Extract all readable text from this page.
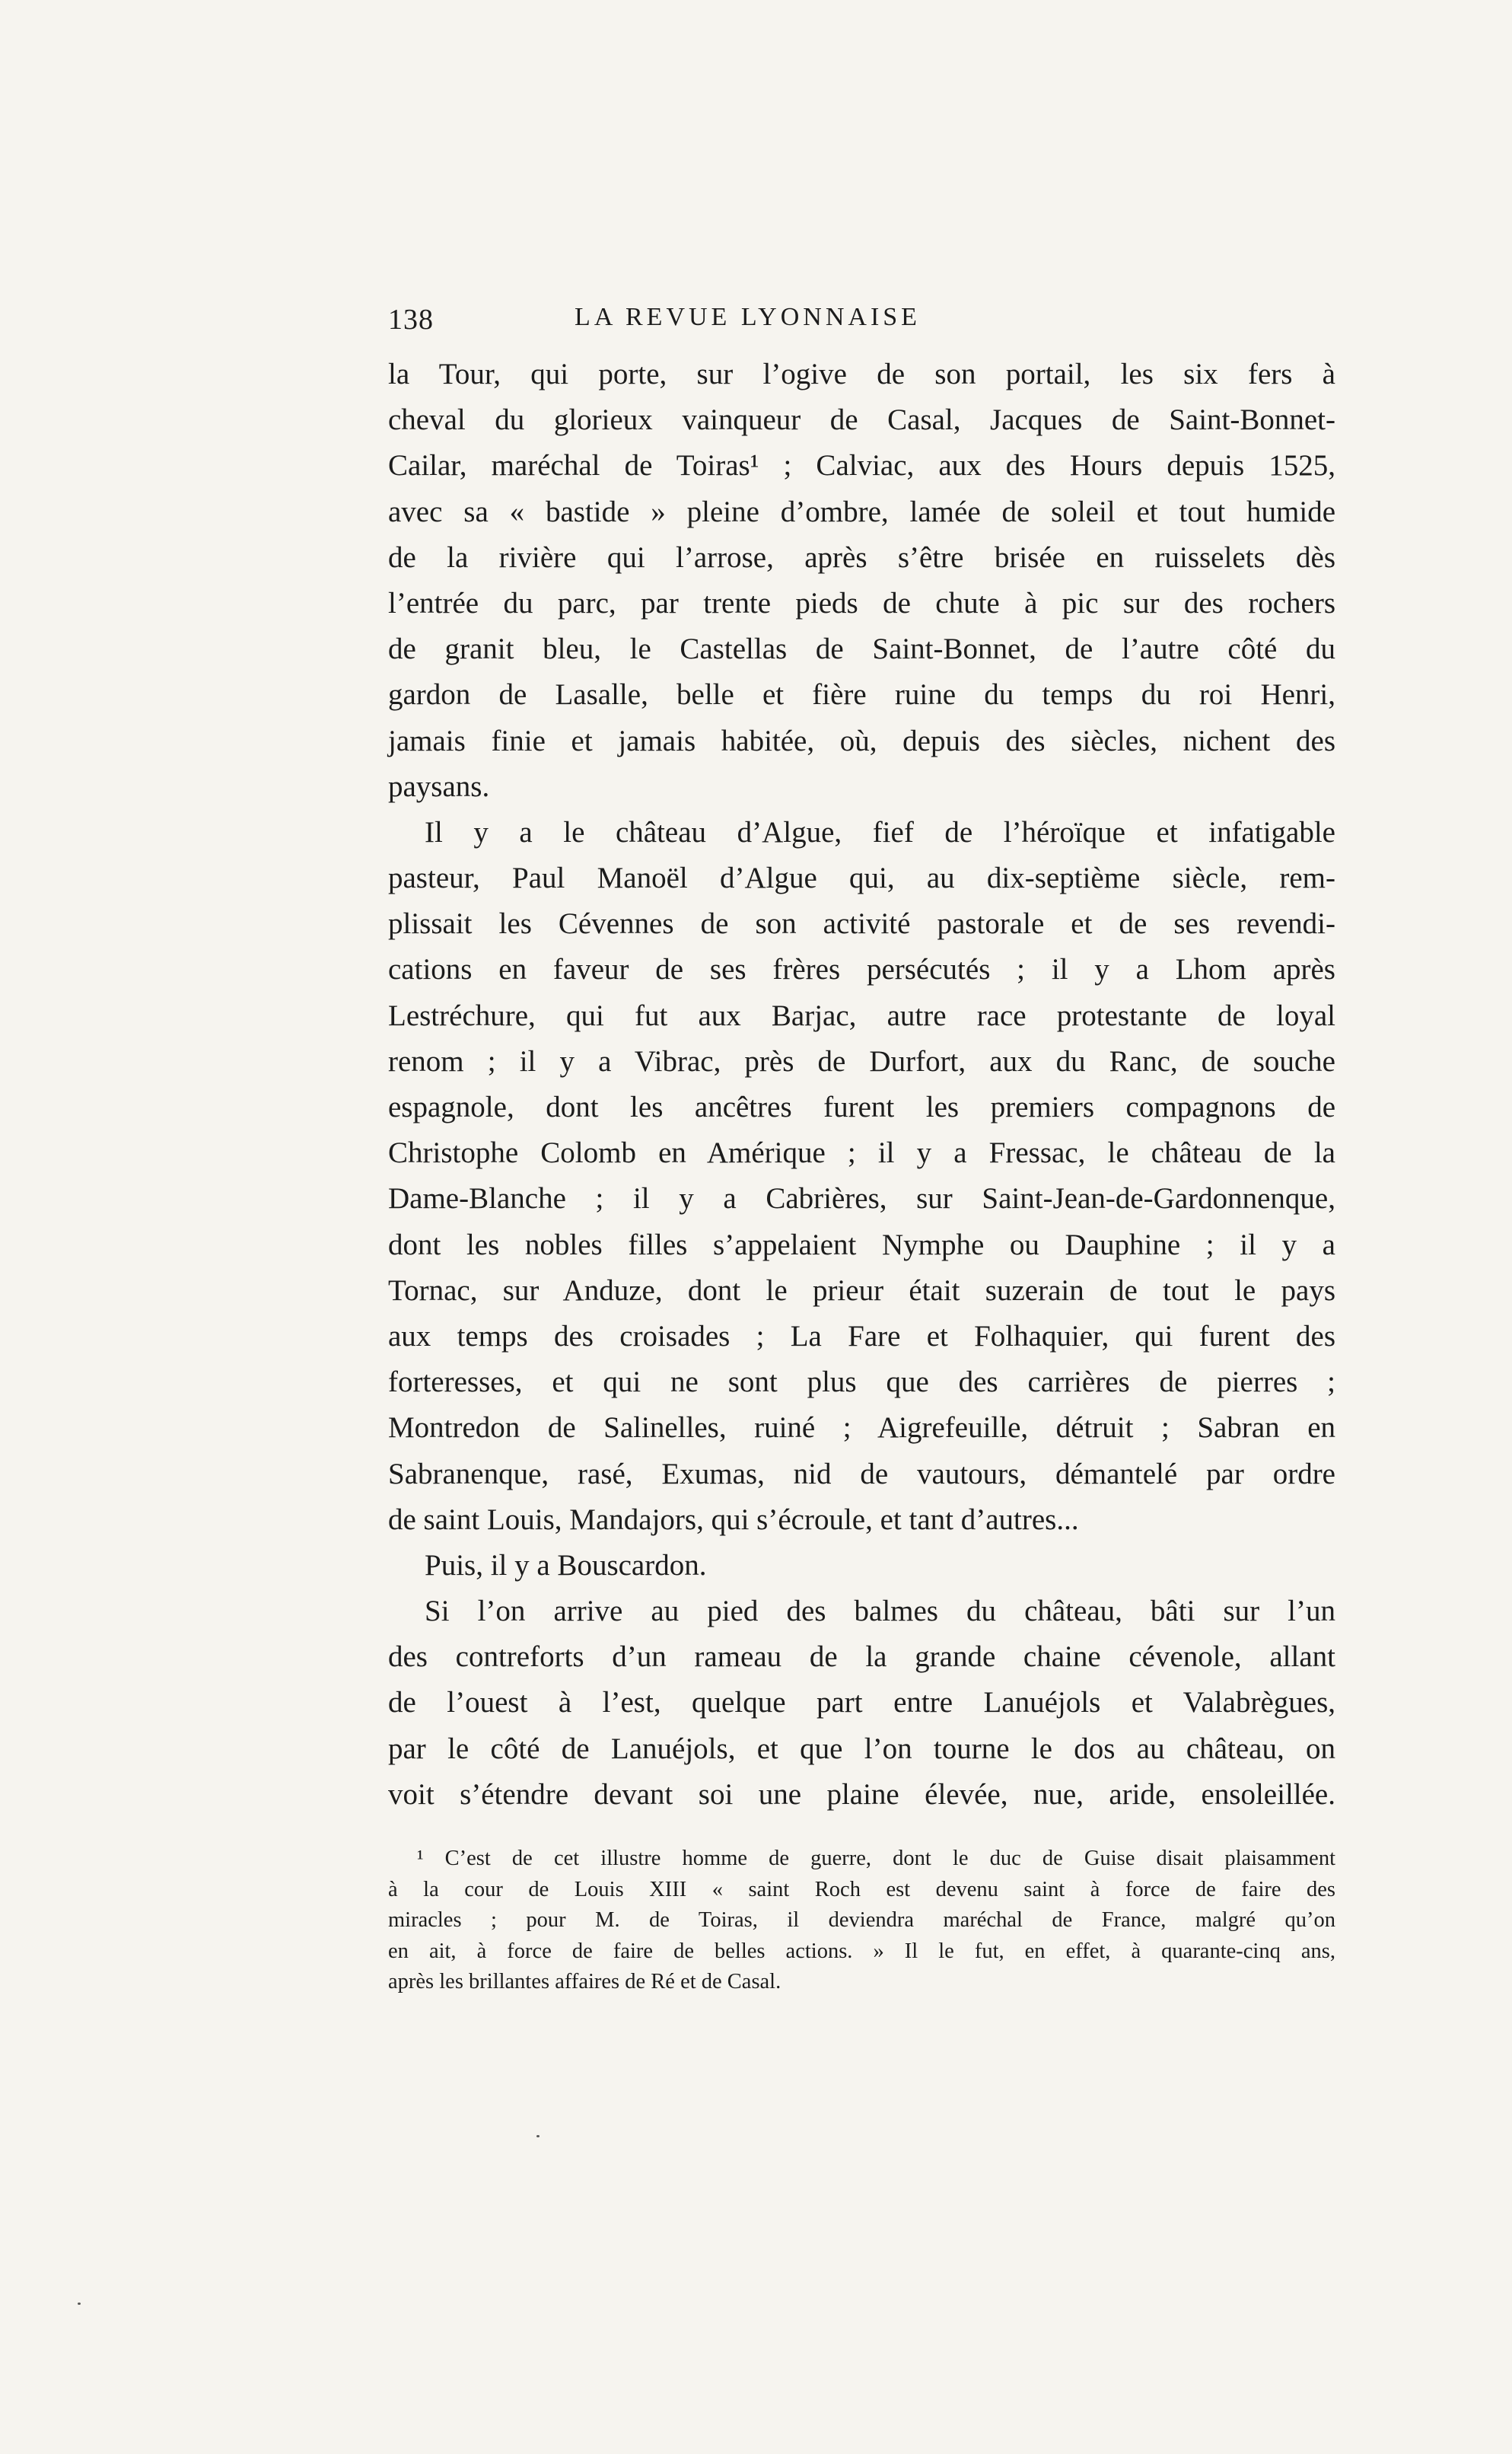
138	LA REVUE LYONNAISE
la Tour, qui porte, sur l’ogive de son portail, les six fers à
cheval du glorieux vainqueur de Casal, Jacques de Saint-Bonnet-
Cailar, maréchal de Toiras¹ ; Calviac, aux des Hours depuis 1525,
avec sa « bastide » pleine d’ombre, lamée de soleil et tout humide
de la rivière qui l’arrose, après s’être brisée en ruisselets dès
l’entrée du parc, par trente pieds de chute à pic sur des rochers
de granit bleu, le Castellas de Saint-Bonnet, de l’autre côté du
gardon de Lasalle, belle et fière ruine du temps du roi Henri,
jamais finie et jamais habitée, où, depuis des siècles, nichent des
paysans.
Il y a le château d’Algue, fief de l’héroïque et infatigable
pasteur, Paul Manoël d’Algue qui, au dix-septième siècle, rem-
plissait les Cévennes de son activité pastorale et de ses revendi-
cations en faveur de ses frères persécutés ; il y a Lhom après
Lestréchure, qui fut aux Barjac, autre race protestante de loyal
renom ; il y a Vibrac, près de Durfort, aux du Ranc, de souche
espagnole, dont les ancêtres furent les premiers compagnons de
Christophe Colomb en Amérique ; il y a Fressac, le château de la
Dame-Blanche ; il y a Cabrières, sur Saint-Jean-de-Gardonnenque,
dont les nobles filles s’appelaient Nymphe ou Dauphine ; il y a
Tornac, sur Anduze, dont le prieur était suzerain de tout le pays
aux temps des croisades ; La Fare et Folhaquier, qui furent des
forteresses, et qui ne sont plus que des carrières de pierres ;
Montredon de Salinelles, ruiné ; Aigrefeuille, détruit ; Sabran en
Sabranenque, rasé, Exumas, nid de vautours, démantelé par ordre
de saint Louis, Mandajors, qui s’écroule, et tant d’autres...
Puis, il y a Bouscardon.
Si l’on arrive au pied des balmes du château, bâti sur l’un
des contreforts d’un rameau de la grande chaine cévenole, allant
de l’ouest à l’est, quelque part entre Lanuéjols et Valabrègues,
par le côté de Lanuéjols, et que l’on tourne le dos au château, on
voit s’étendre devant soi une plaine élevée, nue, aride, ensoleillée.
¹ C’est de cet illustre homme de guerre, dont le duc de Guise disait plaisamment
à la cour de Louis XIII « saint Roch est devenu saint à force de faire des
miracles ; pour M. de Toiras, il deviendra maréchal de France, malgré qu’on
en ait, à force de faire de belles actions. » Il le fut, en effet, à quarante-cinq ans,
après les brillantes affaires de Ré et de Casal.
